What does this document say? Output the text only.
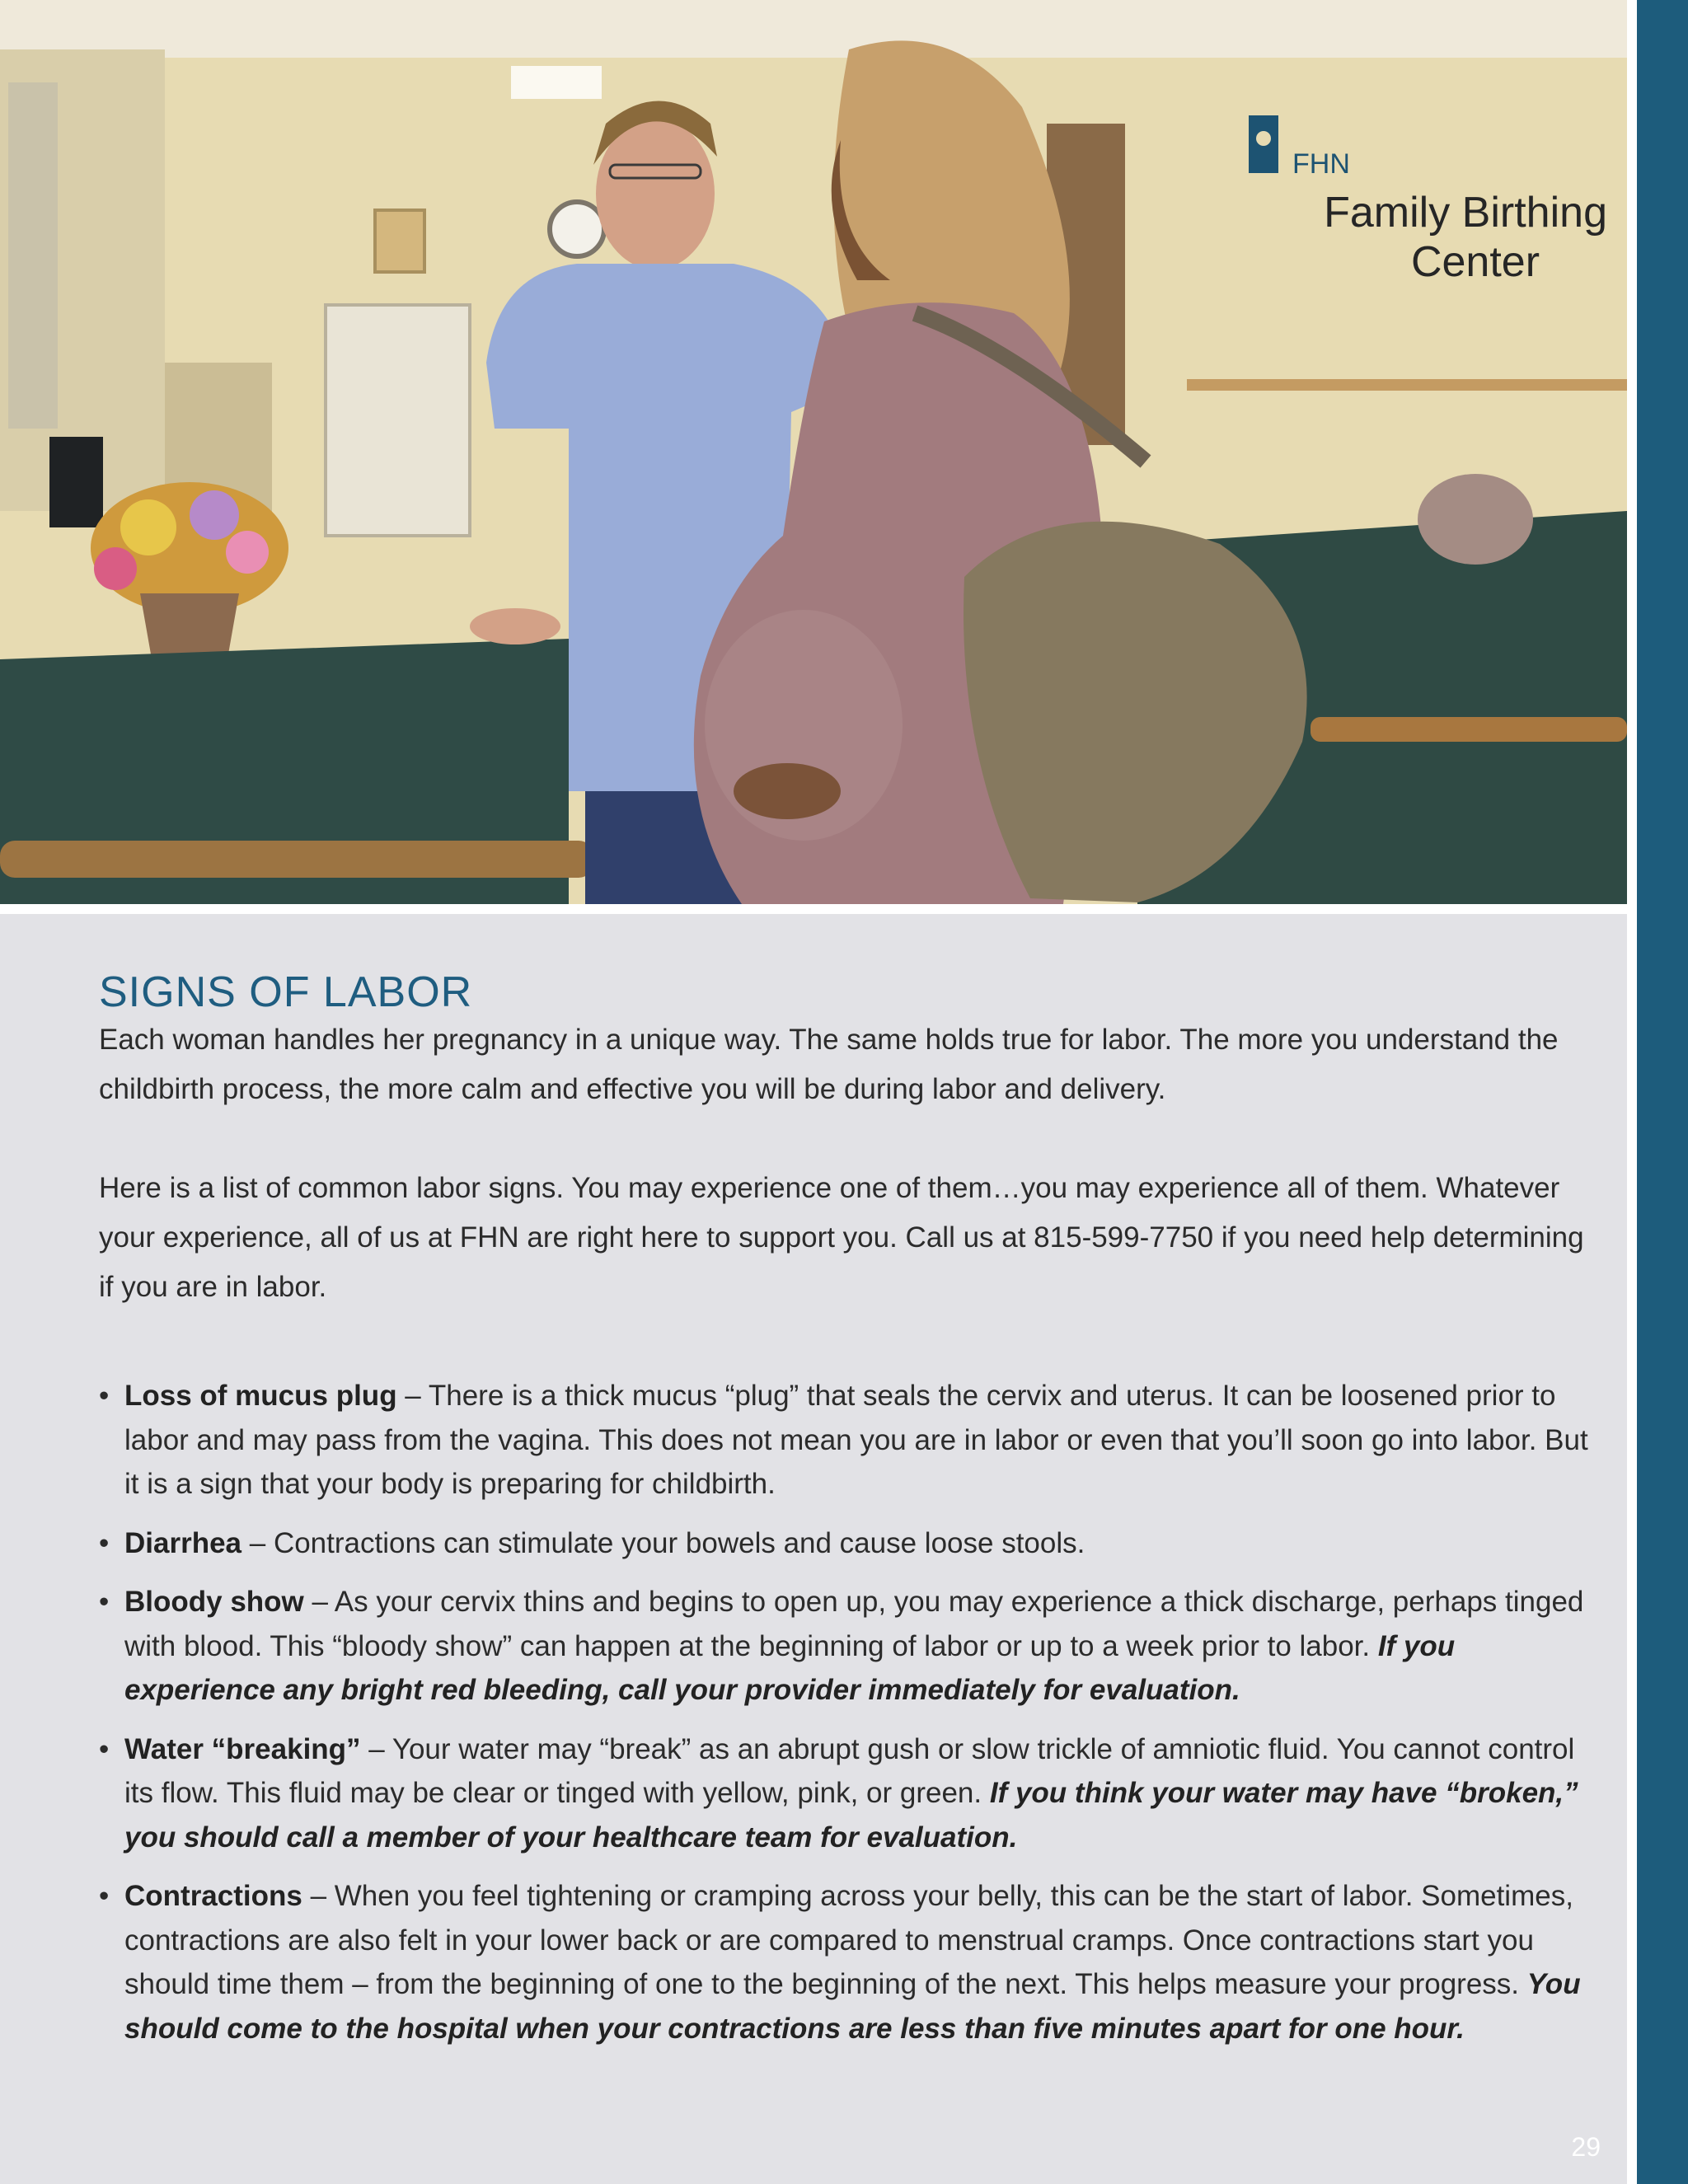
FHN
Family Birthing
Center
SIGNS OF LABOR

Each woman handles her pregnancy in a unique way. The same holds true for labor. The more you understand the childbirth process, the more calm and effective you will be during labor and delivery.

Here is a list of common labor signs. You may experience one of them…you may experience all of them. Whatever your experience, all of us at FHN are right here to support you. Call us at 815-599-7750 if you need help determining if you are in labor.

• Loss of mucus plug – There is a thick mucus “plug” that seals the cervix and uterus. It can be loosened prior to labor and may pass from the vagina. This does not mean you are in labor or even that you’ll soon go into labor. But it is a sign that your body is preparing for childbirth.
• Diarrhea – Contractions can stimulate your bowels and cause loose stools.
• Bloody show – As your cervix thins and begins to open up, you may experience a thick discharge, perhaps tinged with blood. This “bloody show” can happen at the beginning of labor or up to a week prior to labor. If you experience any bright red bleeding, call your provider immediately for evaluation.
• Water “breaking” – Your water may “break” as an abrupt gush or slow trickle of amniotic fluid. You cannot control its flow. This fluid may be clear or tinged with yellow, pink, or green. If you think your water may have “broken,” you should call a member of your healthcare team for evaluation.
• Contractions – When you feel tightening or cramping across your belly, this can be the start of labor. Sometimes, contractions are also felt in your lower back or are compared to menstrual cramps. Once contractions start you should time them – from the beginning of one to the beginning of the next. This helps measure your progress. You should come to the hospital when your contractions are less than five minutes apart for one hour.
29
